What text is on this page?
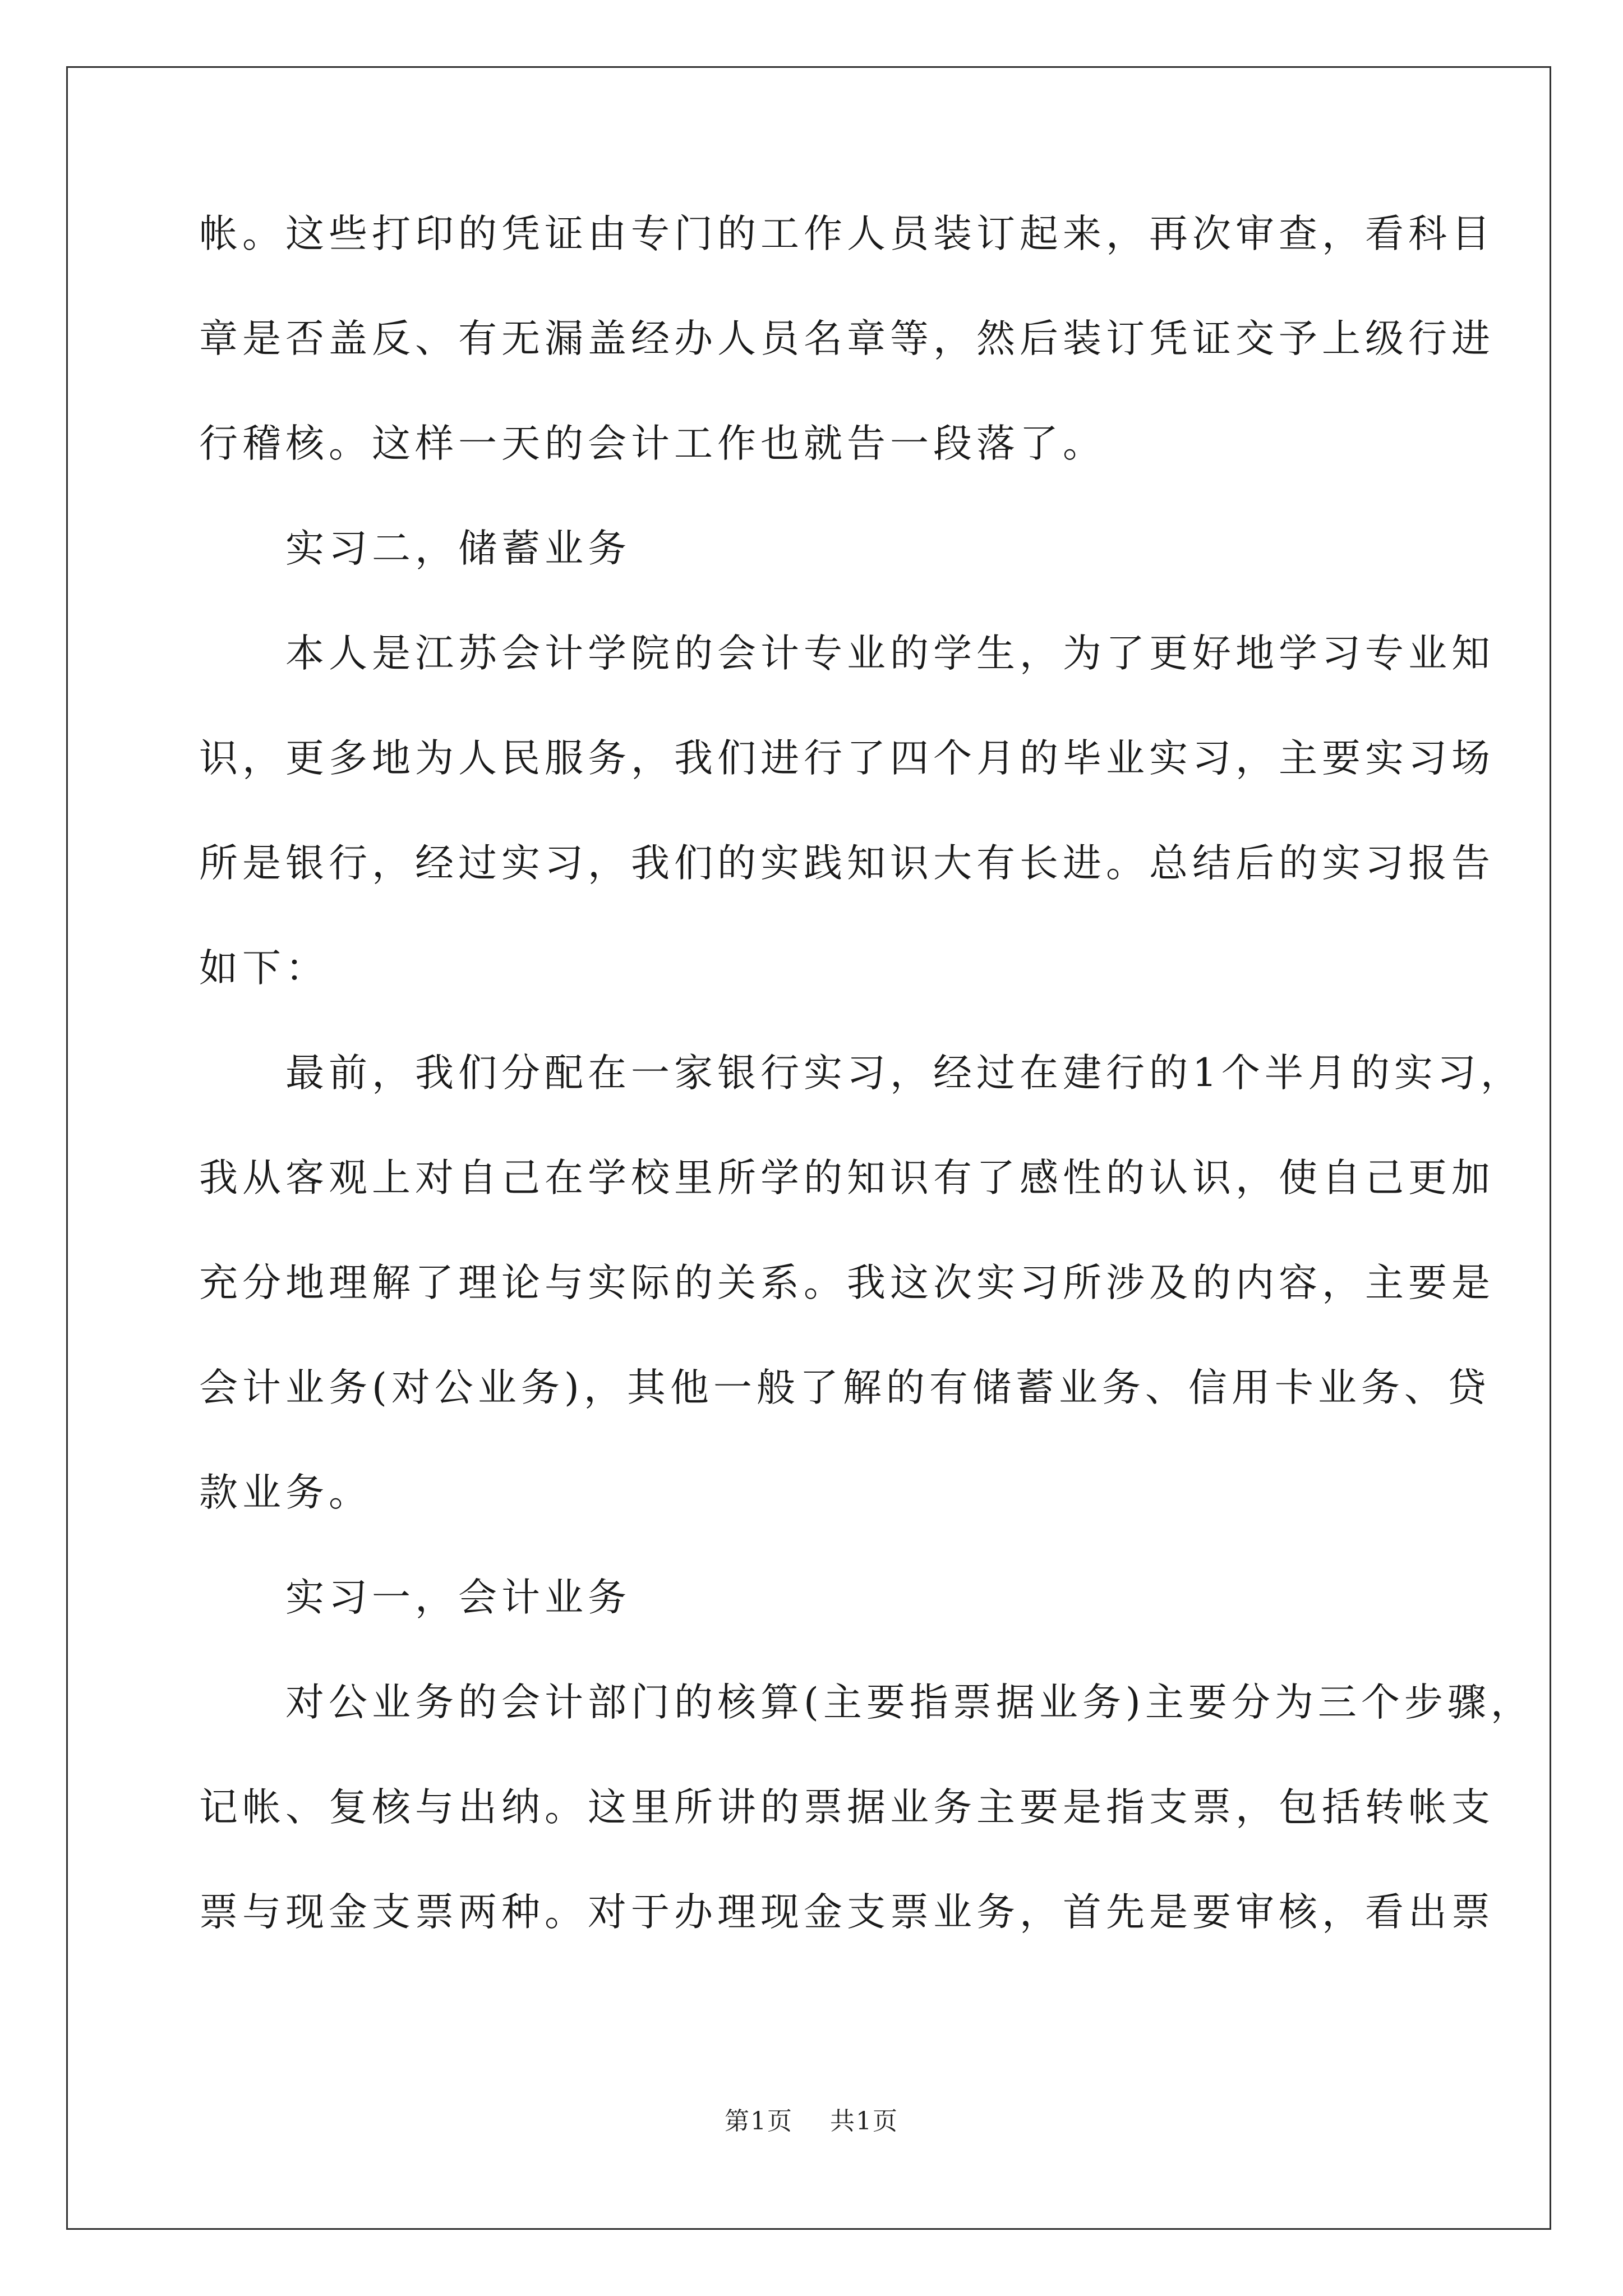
帐。这些打印的凭证由专门的工作人员装订起来，再次审查，看科目
章是否盖反、有无漏盖经办人员名章等，然后装订凭证交予上级行进
行稽核。这样一天的会计工作也就告一段落了。
　　实习二，储蓄业务
　　本人是江苏会计学院的会计专业的学生，为了更好地学习专业知
识，更多地为人民服务，我们进行了四个月的毕业实习，主要实习场
所是银行，经过实习，我们的实践知识大有长进。总结后的实习报告
如下：
　　最前，我们分配在一家银行实习，经过在建行的1个半月的实习，
我从客观上对自己在学校里所学的知识有了感性的认识，使自己更加
充分地理解了理论与实际的关系。我这次实习所涉及的内容，主要是
会计业务(对公业务)，其他一般了解的有储蓄业务、信用卡业务、贷
款业务。
　　实习一，会计业务
　　对公业务的会计部门的核算(主要指票据业务)主要分为三个步骤，
记帐、复核与出纳。这里所讲的票据业务主要是指支票，包括转帐支
票与现金支票两种。对于办理现金支票业务，首先是要审核，看出票
第1页 共1页
